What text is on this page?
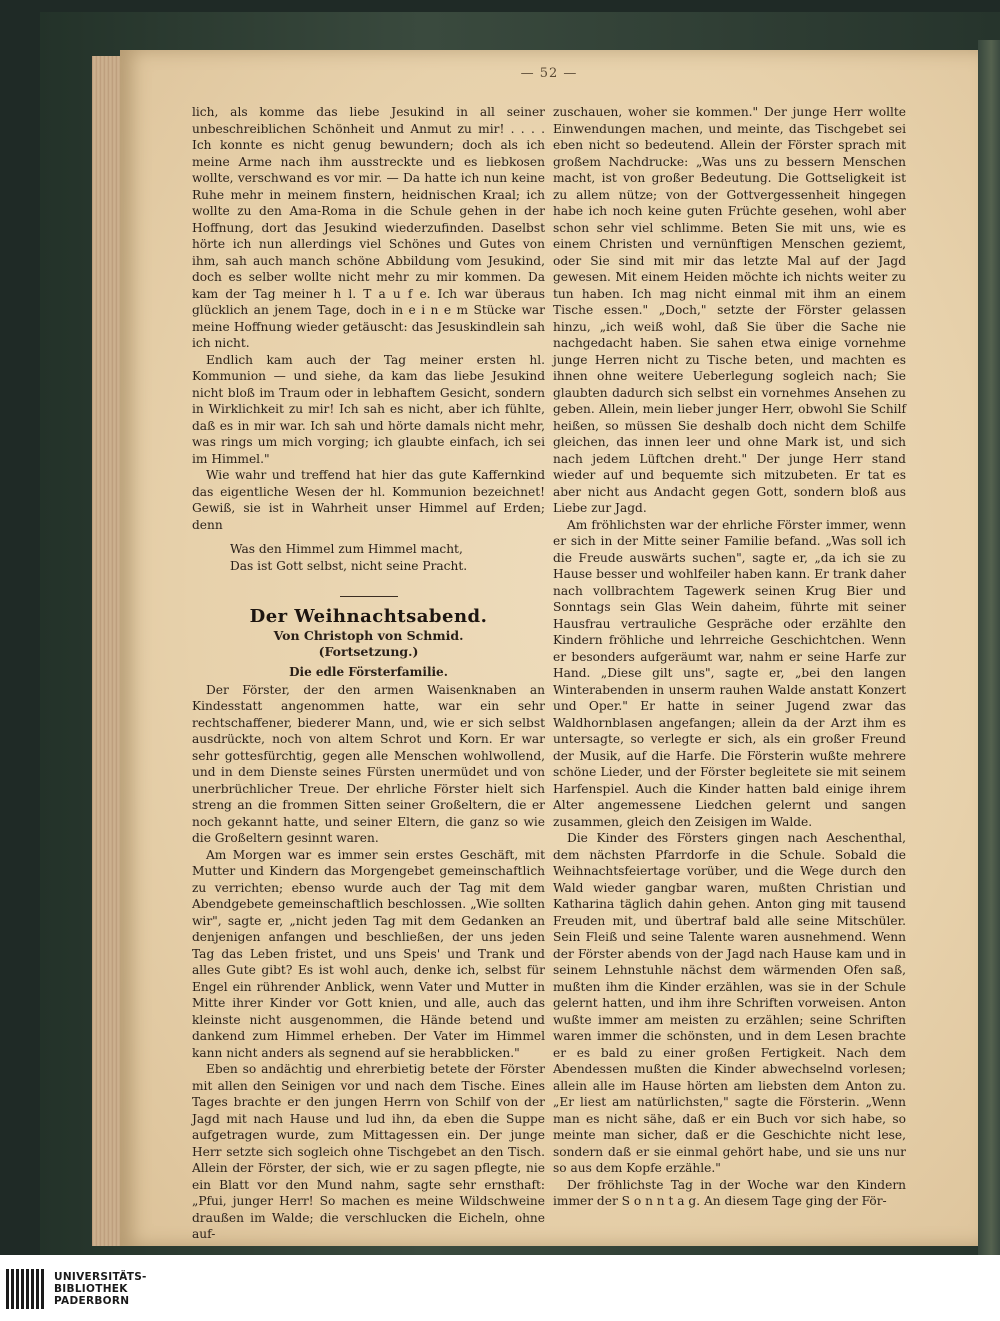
— 52 —

lich, als komme das liebe Jesukind in all seiner unbeschreiblichen Schönheit und Anmut zu mir! . . . . Ich konnte es nicht genug bewundern; doch als ich meine Arme nach ihm ausstreckte und es liebkosen wollte, verschwand es vor mir. — Da hatte ich nun keine Ruhe mehr in meinem finstern, heidnischen Kraal; ich wollte zu den Ama-Roma in die Schule gehen in der Hoffnung, dort das Jesukind wiederzufinden. Daselbst hörte ich nun allerdings viel Schönes und Gutes von ihm, sah auch manch schöne Abbildung vom Jesukind, doch es selber wollte nicht mehr zu mir kommen. Da kam der Tag meiner h l. T a u f e. Ich war überaus glücklich an jenem Tage, doch in e i n e m Stücke war meine Hoffnung wieder getäuscht: das Jesuskindlein sah ich nicht.

Endlich kam auch der Tag meiner ersten hl. Kommunion — und siehe, da kam das liebe Jesukind nicht bloß im Traum oder in lebhaftem Gesicht, sondern in Wirklichkeit zu mir! Ich sah es nicht, aber ich fühlte, daß es in mir war. Ich sah und hörte damals nicht mehr, was rings um mich vorging; ich glaubte einfach, ich sei im Himmel."

Wie wahr und treffend hat hier das gute Kaffernkind das eigentliche Wesen der hl. Kommunion bezeichnet! Gewiß, sie ist in Wahrheit unser Himmel auf Erden; denn

Was den Himmel zum Himmel macht,
Das ist Gott selbst, nicht seine Pracht.
Der Weihnachtsabend.
Von Christoph von Schmid.
(Fortsetzung.)
Die edle Försterfamilie.

Der Förster, der den armen Waisenknaben an Kindesstatt angenommen hatte, war ein sehr rechtschaffener, biederer Mann, und, wie er sich selbst ausdrückte, noch von altem Schrot und Korn. Er war sehr gottesfürchtig, gegen alle Menschen wohlwollend, und in dem Dienste seines Fürsten unermüdet und von unerbrüchlicher Treue. Der ehrliche Förster hielt sich streng an die frommen Sitten seiner Großeltern, die er noch gekannt hatte, und seiner Eltern, die ganz so wie die Großeltern gesinnt waren.

Am Morgen war es immer sein erstes Geschäft, mit Mutter und Kindern das Morgengebet gemeinschaftlich zu verrichten; ebenso wurde auch der Tag mit dem Abendgebete gemeinschaftlich beschlossen. „Wie sollten wir", sagte er, „nicht jeden Tag mit dem Gedanken an denjenigen anfangen und beschließen, der uns jeden Tag das Leben fristet, und uns Speis' und Trank und alles Gute gibt? Es ist wohl auch, denke ich, selbst für Engel ein rührender Anblick, wenn Vater und Mutter in Mitte ihrer Kinder vor Gott knien, und alle, auch das kleinste nicht ausgenommen, die Hände betend und dankend zum Himmel erheben. Der Vater im Himmel kann nicht anders als segnend auf sie herabblicken."

Eben so andächtig und ehrerbietig betete der Förster mit allen den Seinigen vor und nach dem Tische. Eines Tages brachte er den jungen Herrn von Schilf von der Jagd mit nach Hause und lud ihn, da eben die Suppe aufgetragen wurde, zum Mittagessen ein. Der junge Herr setzte sich sogleich ohne Tischgebet an den Tisch. Allein der Förster, der sich, wie er zu sagen pflegte, nie ein Blatt vor den Mund nahm, sagte sehr ernsthaft: „Pfui, junger Herr! So machen es meine Wildschweine draußen im Walde; die verschlucken die Eicheln, ohne auf-

zuschauen, woher sie kommen." Der junge Herr wollte Einwendungen machen, und meinte, das Tischgebet sei eben nicht so bedeutend. Allein der Förster sprach mit großem Nachdrucke: „Was uns zu bessern Menschen macht, ist von großer Bedeutung. Die Gottseligkeit ist zu allem nütze; von der Gottvergessenheit hingegen habe ich noch keine guten Früchte gesehen, wohl aber schon sehr viel schlimme. Beten Sie mit uns, wie es einem Christen und vernünftigen Menschen geziemt, oder Sie sind mit mir das letzte Mal auf der Jagd gewesen. Mit einem Heiden möchte ich nichts weiter zu tun haben. Ich mag nicht einmal mit ihm an einem Tische essen." „Doch," setzte der Förster gelassen hinzu, „ich weiß wohl, daß Sie über die Sache nie nachgedacht haben. Sie sahen etwa einige vornehme junge Herren nicht zu Tische beten, und machten es ihnen ohne weitere Ueberlegung sogleich nach; Sie glaubten dadurch sich selbst ein vornehmes Ansehen zu geben. Allein, mein lieber junger Herr, obwohl Sie Schilf heißen, so müssen Sie deshalb doch nicht dem Schilfe gleichen, das innen leer und ohne Mark ist, und sich nach jedem Lüftchen dreht." Der junge Herr stand wieder auf und bequemte sich mitzubeten. Er tat es aber nicht aus Andacht gegen Gott, sondern bloß aus Liebe zur Jagd.

Am fröhlichsten war der ehrliche Förster immer, wenn er sich in der Mitte seiner Familie befand. „Was soll ich die Freude auswärts suchen", sagte er, „da ich sie zu Hause besser und wohlfeiler haben kann. Er trank daher nach vollbrachtem Tagewerk seinen Krug Bier und Sonntags sein Glas Wein daheim, führte mit seiner Hausfrau vertrauliche Gespräche oder erzählte den Kindern fröhliche und lehrreiche Geschichtchen. Wenn er besonders aufgeräumt war, nahm er seine Harfe zur Hand. „Diese gilt uns", sagte er, „bei den langen Winterabenden in unserm rauhen Walde anstatt Konzert und Oper." Er hatte in seiner Jugend zwar das Waldhornblasen angefangen; allein da der Arzt ihm es untersagte, so verlegte er sich, als ein großer Freund der Musik, auf die Harfe. Die Försterin wußte mehrere schöne Lieder, und der Förster begleitete sie mit seinem Harfenspiel. Auch die Kinder hatten bald einige ihrem Alter angemessene Liedchen gelernt und sangen zusammen, gleich den Zeisigen im Walde.

Die Kinder des Försters gingen nach Aeschenthal, dem nächsten Pfarrdorfe in die Schule. Sobald die Weihnachtsfeiertage vorüber, und die Wege durch den Wald wieder gangbar waren, mußten Christian und Katharina täglich dahin gehen. Anton ging mit tausend Freuden mit, und übertraf bald alle seine Mitschüler. Sein Fleiß und seine Talente waren ausnehmend. Wenn der Förster abends von der Jagd nach Hause kam und in seinem Lehnstuhle nächst dem wärmenden Ofen saß, mußten ihm die Kinder erzählen, was sie in der Schule gelernt hatten, und ihm ihre Schriften vorweisen. Anton wußte immer am meisten zu erzählen; seine Schriften waren immer die schönsten, und in dem Lesen brachte er es bald zu einer großen Fertigkeit. Nach dem Abendessen mußten die Kinder abwechselnd vorlesen; allein alle im Hause hörten am liebsten dem Anton zu. „Er liest am natürlichsten," sagte die Försterin. „Wenn man es nicht sähe, daß er ein Buch vor sich habe, so meinte man sicher, daß er die Geschichte nicht lese, sondern daß er sie einmal gehört habe, und sie uns nur so aus dem Kopfe erzähle."

Der fröhlichste Tag in der Woche war den Kindern immer der S o n n t a g. An diesem Tage ging der För-

UNIVERSITÄTS-
BIBLIOTHEK
PADERBORN
